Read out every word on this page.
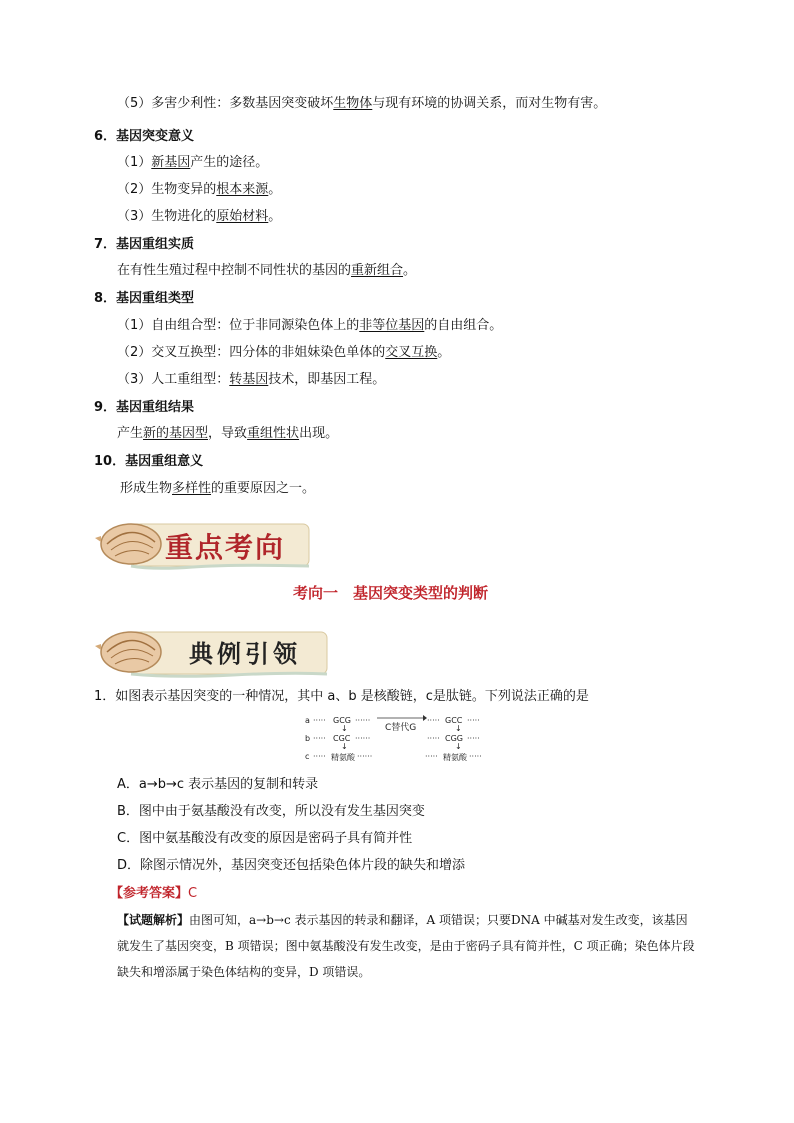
（5）多害少利性：多数基因突变破坏生物体与现有环境的协调关系，而对生物有害。
6．基因突变意义
（1）新基因产生的途径。
（2）生物变异的根本来源。
（3）生物进化的原始材料。
7．基因重组实质
在有性生殖过程中控制不同性状的基因的重新组合。
8．基因重组类型
（1）自由组合型：位于非同源染色体上的非等位基因的自由组合。
（2）交叉互换型：四分体的非姐妹染色单体的交叉互换。
（3）人工重组型：转基因技术，即基因工程。
9．基因重组结果
产生新的基因型，导致重组性状出现。
10．基因重组意义
形成生物多样性的重要原因之一。
重点考向
考向一　基因突变类型的判断
典例引领
1．如图表示基因突变的一种情况，其中 a、b 是核酸链，c是肽链。下列说法正确的是
a ····· GCG ······
↓
b ····· CGC ······
↓
c ····· 精氨酸 ······
C替代G
····· GCC ·····
↓
····· CGG ·····
↓
····· 精氨酸 ·····
A．a→b→c 表示基因的复制和转录
B．图中由于氨基酸没有改变，所以没有发生基因突变
C．图中氨基酸没有改变的原因是密码子具有简并性
D．除图示情况外，基因突变还包括染色体片段的缺失和增添
【参考答案】C
【试题解析】由图可知，a→b→c 表示基因的转录和翻译，A 项错误；只要DNA 中碱基对发生改变，该基因就发生了基因突变，B 项错误；图中氨基酸没有发生改变，是由于密码子具有简并性，C 项正确；染色体片段缺失和增添属于染色体结构的变异，D 项错误。
